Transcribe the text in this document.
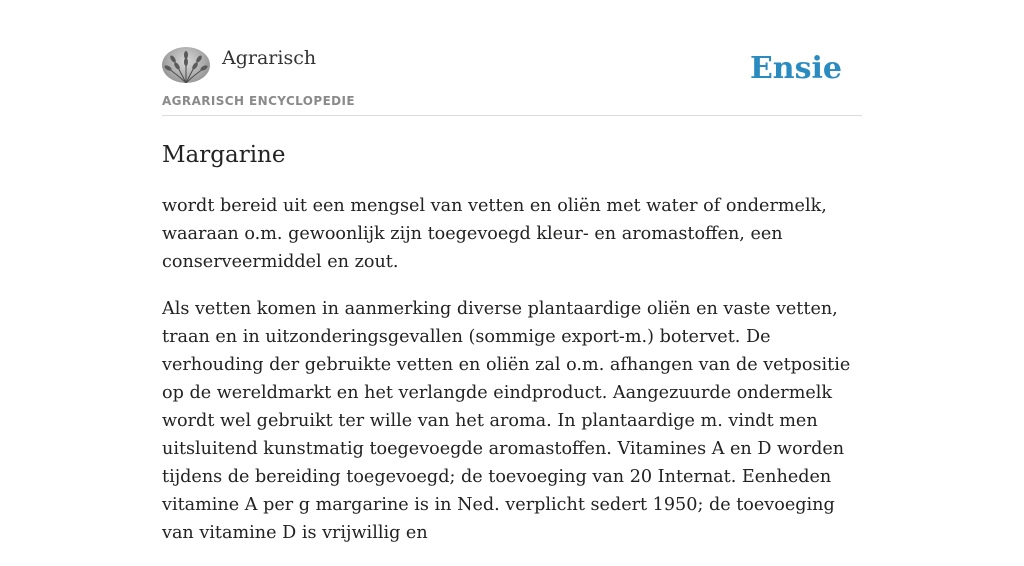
Agrarisch
AGRARISCH ENCYCLOPEDIE
Ensie
Margarine

wordt bereid uit een mengsel van vetten en oliën met water of ondermelk, waaraan o.m. gewoonlijk zijn toegevoegd kleur- en aromastoffen, een conserveermiddel en zout.

Als vetten komen in aanmerking diverse plantaardige oliën en vaste vetten, traan en in uitzonderingsgevallen (sommige export-m.) botervet. De verhouding der gebruikte vetten en oliën zal o.m. afhangen van de vetpositie op de wereldmarkt en het verlangde eindproduct. Aangezuurde ondermelk wordt wel gebruikt ter wille van het aroma. In plantaardige m. vindt men uitsluitend kunstmatig toegevoegde aromastoffen. Vitamines A en D worden tijdens de bereiding toegevoegd; de toevoeging van 20 Internat. Eenheden vitamine A per g margarine is in Ned. verplicht sedert 1950; de toevoeging van vitamine D is vrijwillig en
